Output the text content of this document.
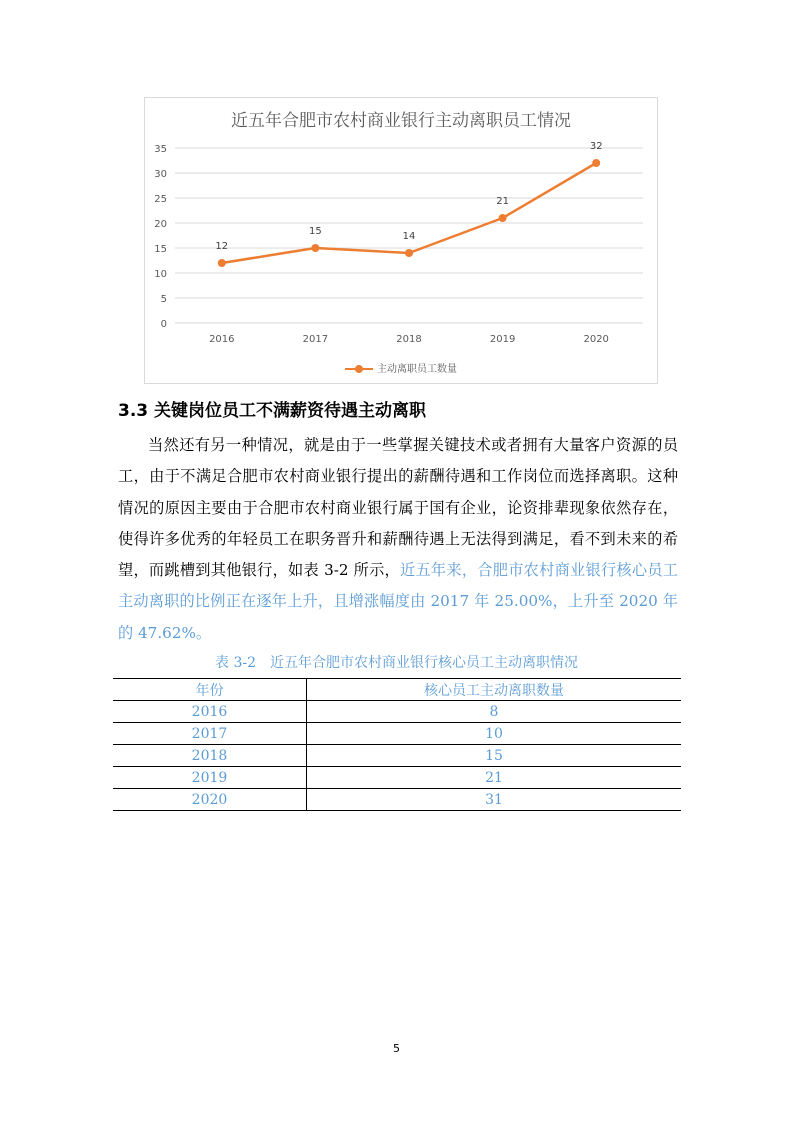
近五年合肥市农村商业银行主动离职员工情况
0
5
10
15
20
25
30
35
2016	2017	2018	2019	2020
12
15	14
21
32
主动离职员工数量
3.3 关键岗位员工不满薪资待遇主动离职
当然还有另一种情况，就是由于一些掌握关键技术或者拥有大量客户资源的员工，由于不满足合肥市农村商业银行提出的薪酬待遇和工作岗位而选择离职。这种情况的原因主要由于合肥市农村商业银行属于国有企业，论资排辈现象依然存在，使得许多优秀的年轻员工在职务晋升和薪酬待遇上无法得到满足，看不到未来的希望，而跳槽到其他银行，如表 3-2 所示，近五年来，合肥市农村商业银行核心员工主动离职的比例正在逐年上升，且增涨幅度由 2017 年 25.00%，上升至 2020 年的 47.62%。
表 3-2　近五年合肥市农村商业银行核心员工主动离职情况
年份	核心员工主动离职数量
2016	8
2017	10
2018	15
2019	21
2020	31
5
